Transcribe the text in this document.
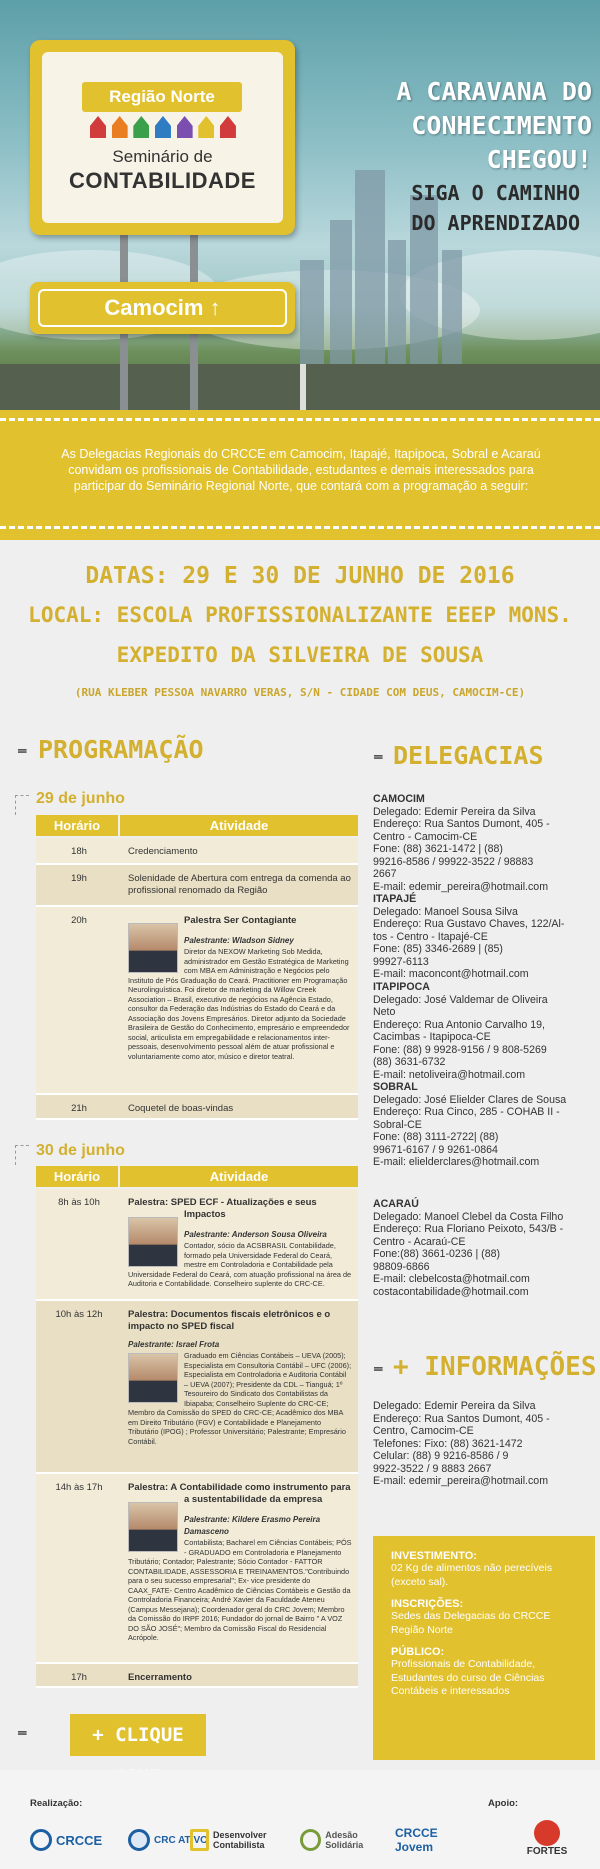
Região Norte
Seminário de
CONTABILIDADE
Camocim ↑
A CARAVANA DO
CONHECIMENTO CHEGOU!
SIGA O CAMINHO
DO APRENDIZADO

As Delegacias Regionais do CRCCE em Camocim, Itapajé, Itapipoca, Sobral e Acaraú convidam os profissionais de Contabilidade, estudantes e demais interessados para participar do Seminário Regional Norte, que contará com a programação a seguir:

DATAS: 29 E 30 DE JUNHO DE 2016
LOCAL: ESCOLA PROFISSIONALIZANTE EEEP MONS.
EXPEDITO DA SILVEIRA DE SOUSA
(RUA KLEBER PESSOA NAVARRO VERAS, S/N - CIDADE COM DEUS, CAMOCIM-CE)
⁼ PROGRAMAÇÃO
29 de junho
Horário	Atividade
18h	Credenciamento
19h	Solenidade de Abertura com entrega da comenda ao profissional renomado da Região
20h	Palestra Ser Contagiante
Palestrante: Wladson Sidney
Diretor da NEXOW Marketing Sob Medida, administrador em Gestão Estratégica de Marketing com MBA em Administração e Negócios pelo Instituto de Pós Graduação do Ceará. Practitioner em Programação Neurolinguística. Foi diretor de marketing da Willow Creek Association – Brasil, executivo de negócios na Agência Estado, consultor da Federação das Indústrias do Estado do Ceará e da Associação dos Jovens Empresários. Diretor adjunto da Sociedade Brasileira de Gestão do Conhecimento, empresário e empreendedor social, articulista em empregabilidade e relacionamentos inter-pessoais, desenvolvimento pessoal além de atuar profissional e voluntariamente como ator, músico e diretor teatral.
21h	Coquetel de boas-vindas
30 de junho
Horário	Atividade
8h às 10h	Palestra: SPED ECF - Atualizações e seus Impactos
Palestrante: Anderson Sousa Oliveira
Contador, sócio da ACSBRASIL Contabilidade, formado pela Universidade Federal do Ceará, mestre em Controladoria e Contabilidade pela Universidade Federal do Ceará, com atuação profissional na área de Auditoria e Contabilidade. Conselheiro suplente do CRC-CE.
10h às 12h	Palestra: Documentos fiscais eletrônicos e o impacto no SPED fiscal
Palestrante: Israel Frota
Graduado em Ciências Contábeis – UEVA (2005); Especialista em Consultoria Contábil – UFC (2006); Especialista em Controladoria e Auditoria Contábil – UEVA (2007); Presidente da CDL – Tianguá; 1º Tesoureiro do Sindicato dos Contabilistas da Ibiapaba; Conselheiro Suplente do CRC-CE; Membro da Comissão do SPED do CRC-CE; Acadêmico dos MBA em Direito Tributário (FGV) e Contabilidade e Planejamento Tributário (IPOG) ; Professor Universitário; Palestrante; Empresário Contábil.
14h às 17h	Palestra: A Contabilidade como instrumento para a sustentabilidade da empresa
Palestrante: Kildere Erasmo Pereira Damasceno
Contabilista; Bacharel em Ciências Contábeis; PÓS - GRADUADO em Controladoria e Planejamento Tributário; Contador; Palestrante; Sócio Contador - FATTOR CONTABILIDADE, ASSESSORIA E TREINAMENTOS."Contribuindo para o seu sucesso empresarial"; Ex- vice presidente do CAAX_FATE- Centro Acadêmico de Ciências Contábeis e Gestão da Controladoria Financeira; André Xavier da Faculdade Ateneu (Campus Messejana); Coordenador geral do CRC Jovem; Membro da Comissão do IRPF 2016; Fundador do jornal de Bairro " A VOZ DO SÃO JOSÉ"; Membro da Comissão Fiscal do Residencial Acrópole.
17h	Encerramento
⁼ DELEGACIAS
CAMOCIM
Delegado: Edemir Pereira da Silva
Endereço: Rua Santos Dumont, 405 -
Centro - Camocim-CE
Fone: (88) 3621-1472 | (88)
99216-8586 / 99922-3522 / 98883
2667
E-mail: edemir_pereira@hotmail.com
ITAPAJÉ
Delegado: Manoel Sousa Silva
Endereço: Rua Gustavo Chaves, 122/Al-
tos - Centro - Itapajé-CE
Fone: (85) 3346-2689 | (85)
99927-6113
E-mail: maconcont@hotmail.com
ITAPIPOCA
Delegado: José Valdemar de Oliveira
Neto
Endereço: Rua Antonio Carvalho 19,
Cacimbas - Itapipoca-CE
Fone: (88) 9 9928-9156 / 9 808-5269
(88) 3631-6732
E-mail: netoliveira@hotmail.com
SOBRAL
Delegado: José Elielder Clares de Sousa
Endereço: Rua Cinco, 285 - COHAB II -
Sobral-CE
Fone: (88) 3111-2722| (88)
99671-6167 / 9 9261-0864
E-mail: elielderclares@hotmail.com
ACARAÚ
Delegado: Manoel Clebel da Costa Filho
Endereço: Rua Floriano Peixoto, 543/B -
Centro - Acaraú-CE
Fone:(88) 3661-0236 | (88)
98809-6866
E-mail: clebelcosta@hotmail.com
costacontabilidade@hotmail.com
⁼ + INFORMAÇÕES
Delegado: Edemir Pereira da Silva
Endereço: Rua Santos Dumont, 405 -
Centro, Camocim-CE
Telefones: Fixo: (88) 3621-1472
Celular: (88) 9 9216-8586 / 9
9922-3522 / 9 8883 2667
E-mail: edemir_pereira@hotmail.com
INVESTIMENTO:
02 Kg de alimentos não perecíveis (exceto sal).
INSCRIÇÕES:
Sedes das Delegacias do CRCCE Região Norte
PÚBLICO:
Profissionais de Contabilidade, Estudantes do curso de Ciências Contábeis e interessados
⁼	+ CLIQUE
Realização:	Apoio:
CRCCE	CRC ATIVO Desenvolver Contabilista
Adesão Solidária
CRCCE Jovem	FORTES
